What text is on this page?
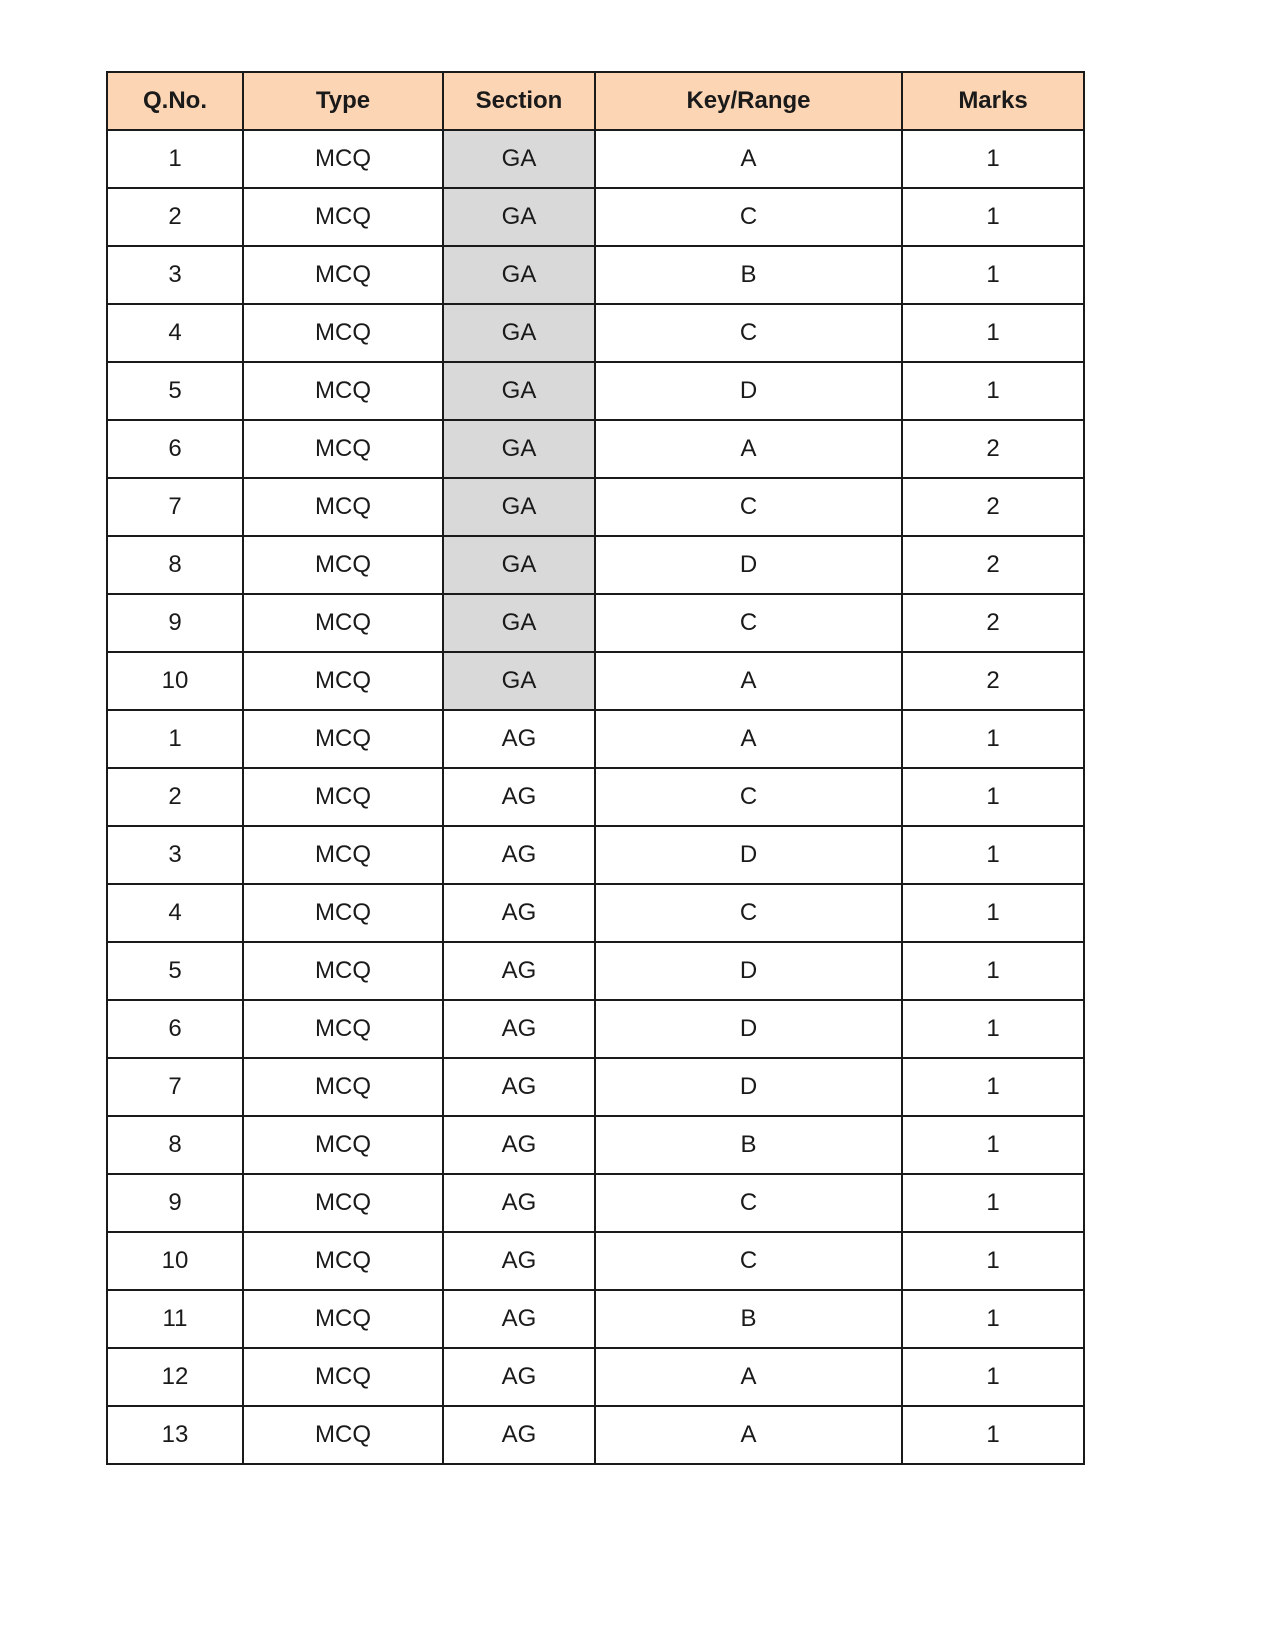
Q.No.	Type	Section	Key/Range	Marks
1	MCQ	GA	A	1
2	MCQ	GA	C	1
3	MCQ	GA	B	1
4	MCQ	GA	C	1
5	MCQ	GA	D	1
6	MCQ	GA	A	2
7	MCQ	GA	C	2
8	MCQ	GA	D	2
9	MCQ	GA	C	2
10	MCQ	GA	A	2
1	MCQ	AG	A	1
2	MCQ	AG	C	1
3	MCQ	AG	D	1
4	MCQ	AG	C	1
5	MCQ	AG	D	1
6	MCQ	AG	D	1
7	MCQ	AG	D	1
8	MCQ	AG	B	1
9	MCQ	AG	C	1
10	MCQ	AG	C	1
11	MCQ	AG	B	1
12	MCQ	AG	A	1
13	MCQ	AG	A	1
